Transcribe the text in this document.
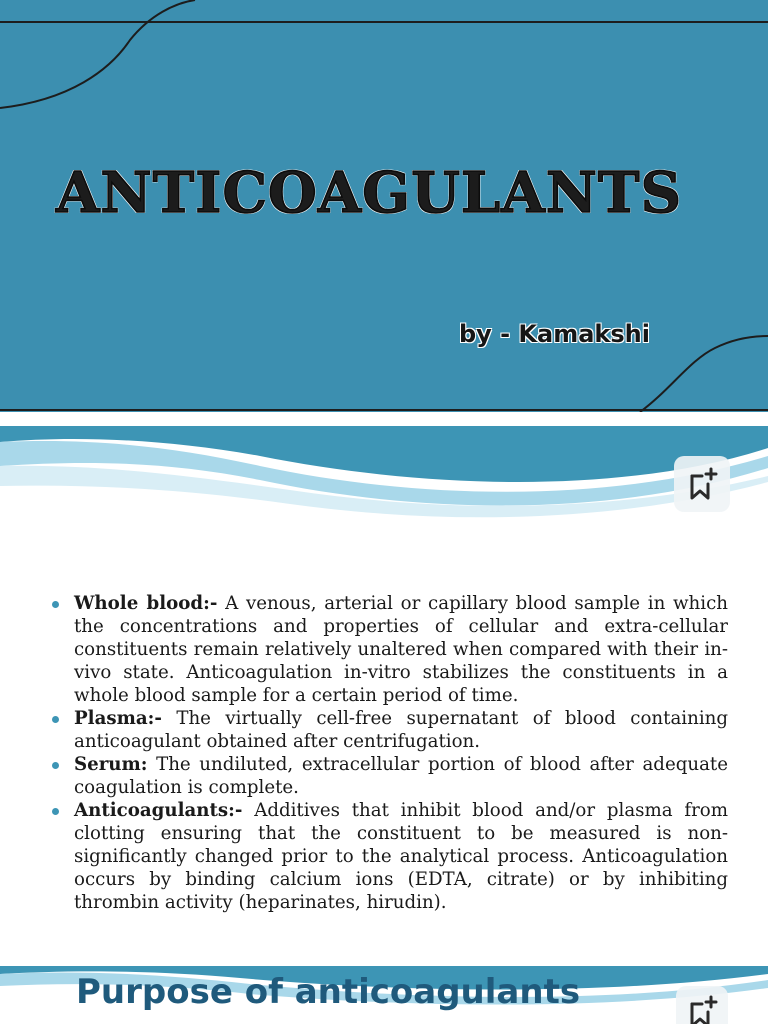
ANTICOAGULANTS
by - Kamakshi
Whole blood:- A venous, arterial or capillary blood sample in which the concentrations and properties of cellular and extra-cellular constituents remain relatively unaltered when compared with their in-vivo state. Anticoagulation in-vitro stabilizes the constituents in a whole blood sample for a certain period of time.
Plasma:- The virtually cell-free supernatant of blood containing anticoagulant obtained after centrifugation.
Serum: The undiluted, extracellular portion of blood after adequate coagulation is complete.
Anticoagulants:- Additives that inhibit blood and/or plasma from clotting ensuring that the constituent to be measured is non-significantly changed prior to the analytical process. Anticoagulation occurs by binding calcium ions (EDTA, citrate) or by inhibiting thrombin activity (heparinates, hirudin).
Purpose of anticoagulants
